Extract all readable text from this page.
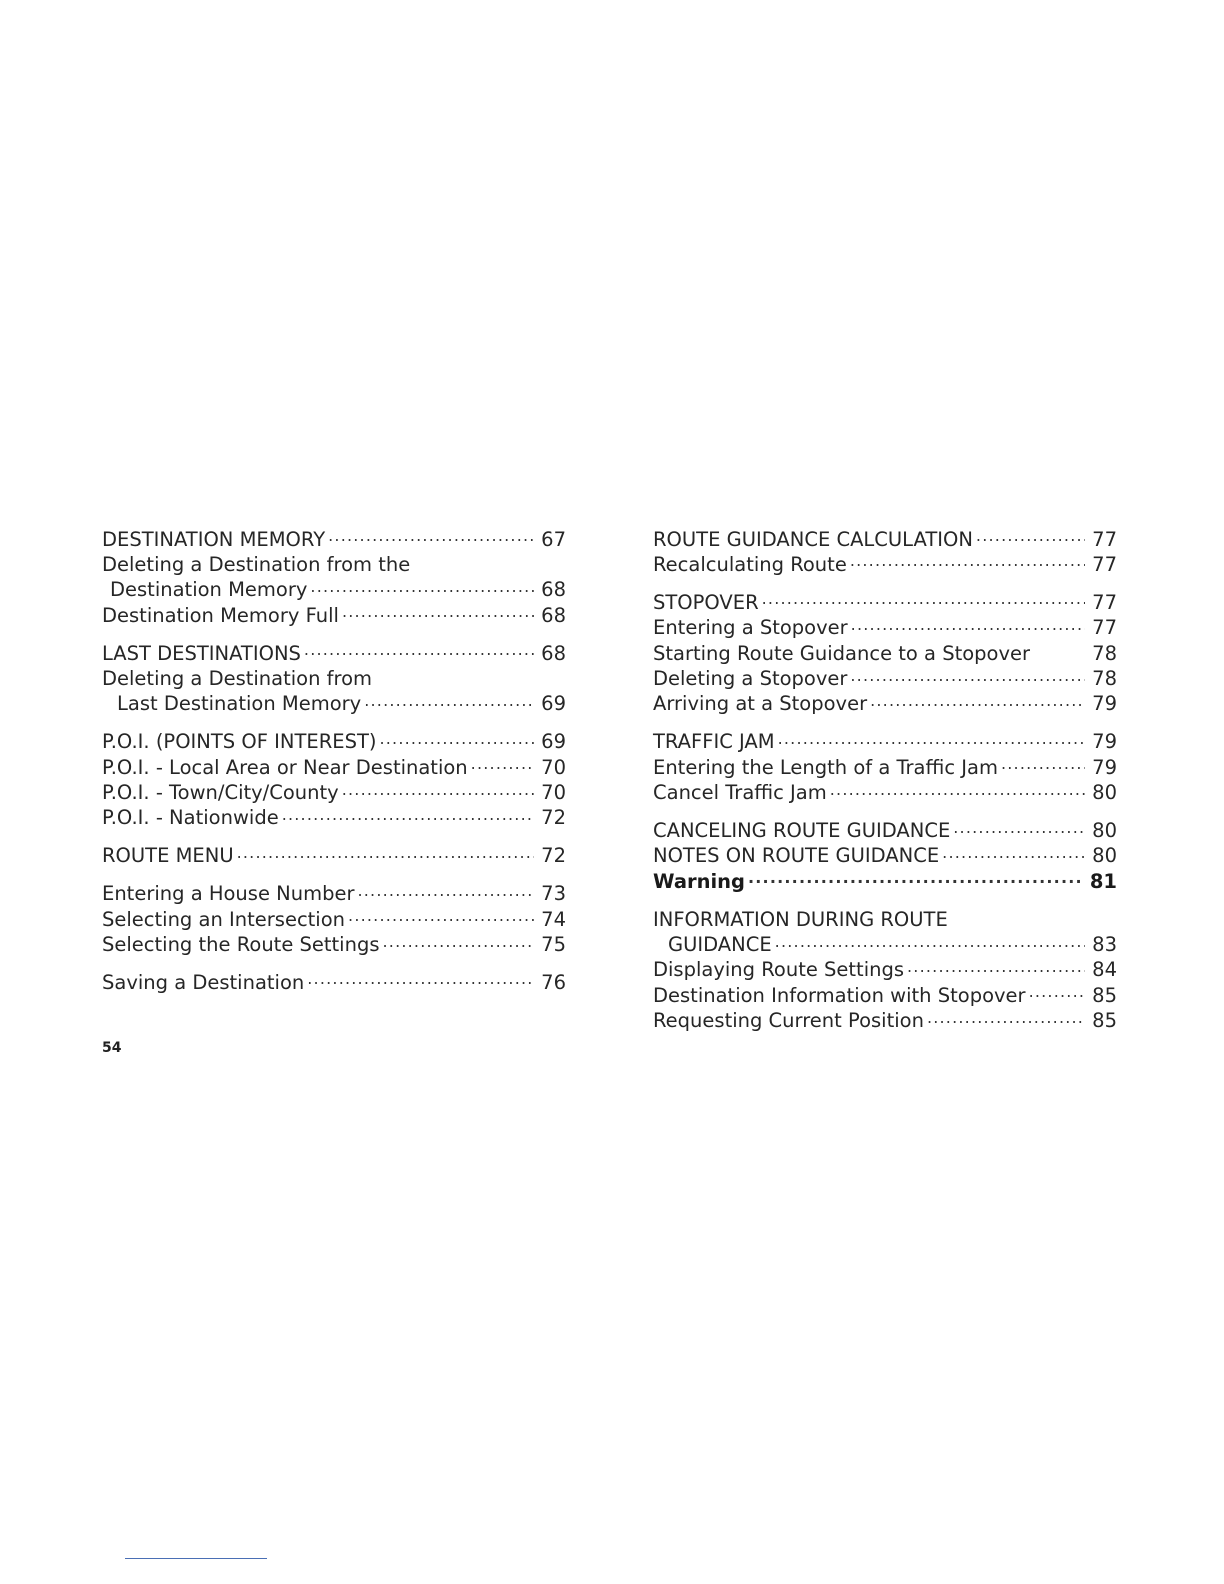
DESTINATION MEMORY .....	67
Deleting a Destination from the
Destination Memory .....	68
Destination Memory Full .....	68
LAST DESTINATIONS .....	68
Deleting a Destination from
Last Destination Memory .....	69
P.O.I. (POINTS OF INTEREST) .....	69
P.O.I. - Local Area or Near Destination .....	70
P.O.I. - Town/City/County .....	70
P.O.I. - Nationwide .....	72
ROUTE MENU .....	72
Entering a House Number .....	73
Selecting an Intersection .....	74
Selecting the Route Settings .....	75
Saving a Destination .....	76
ROUTE GUIDANCE CALCULATION .....	77
Recalculating Route .....	77
STOPOVER .....	77
Entering a Stopover .....	77
Starting Route Guidance to a Stopover	78
Deleting a Stopover .....	78
Arriving at a Stopover .....	79
TRAFFIC JAM .....	79
Entering the Length of a Traffic Jam .....	79
Cancel Traffic Jam .....	80
CANCELING ROUTE GUIDANCE .....	80
NOTES ON ROUTE GUIDANCE .....	80
Warning .....	81
INFORMATION DURING ROUTE
GUIDANCE .....	83
Displaying Route Settings .....	84
Destination Information with Stopover .....	85
Requesting Current Position .....	85
54
